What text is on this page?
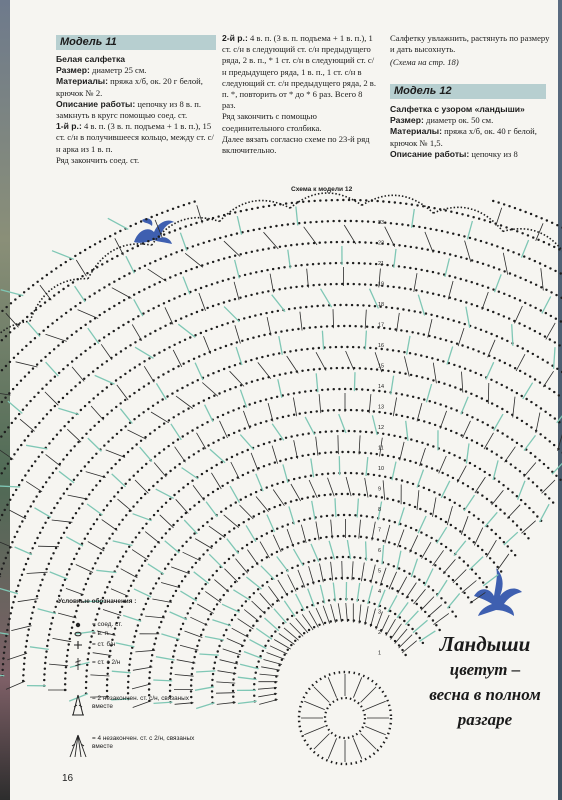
Модель 11

Белая салфетка

Размер: диаметр 25 см.

Материалы: пряжа х/б, ок. 20 г белой, крючок № 2.

Описание работы: цепочку из 8 в. п. замкнуть в кругс помощью соед. ст.

1-й р.: 4 в. п. (3 в. п. подъема + 1 в. п.), 15 ст. с/н в получившееся кольцо, между ст. с/н арка из 1 в. п.

Ряд закончить соед. ст.

2-й р.: 4 в. п. (3 в. п. подъема + 1 в. п.), 1 ст. с/н в следующий ст. с/н предыдущего ряда, 2 в. п., * 1 ст. с/н в следующий ст. с/н предыдущего ряда, 1 в. п., 1 ст. с/н в следующий ст. с/н предыдущего ряда, 2 в. п. *, повторить от * до * 6 раз. Всего 8 раз.

Ряд закончить с помощью соединительного столбика.

Далее вязать согласно схеме по 23-й ряд включительно.

Салфетку увлажнить, растянуть по размеру и дать высохнуть.

(Схема на стр. 18)

Модель 12

Салфетка с узором «ландыши»

Размер: диаметр ок. 50 см.

Материалы: пряжа х/б, ок. 40 г белой, крючок № 1,5.

Описание работы: цепочку из 8

Схема к модели 12
23
22
21
19
18
17
16
15
14
13
12
11
10
9
8
7
6
5
4
3
2
1
Условные обозначения :
= соед. ст.
= в. п.
= ст. б/н
= ст. с 2/н
= 2 незакончен. ст. с/н, связаных вместе
= 4 незакончен. ст. с 2/н, связаных вместе
Ландыши
цветут –
весна в полном
разгаре
16
